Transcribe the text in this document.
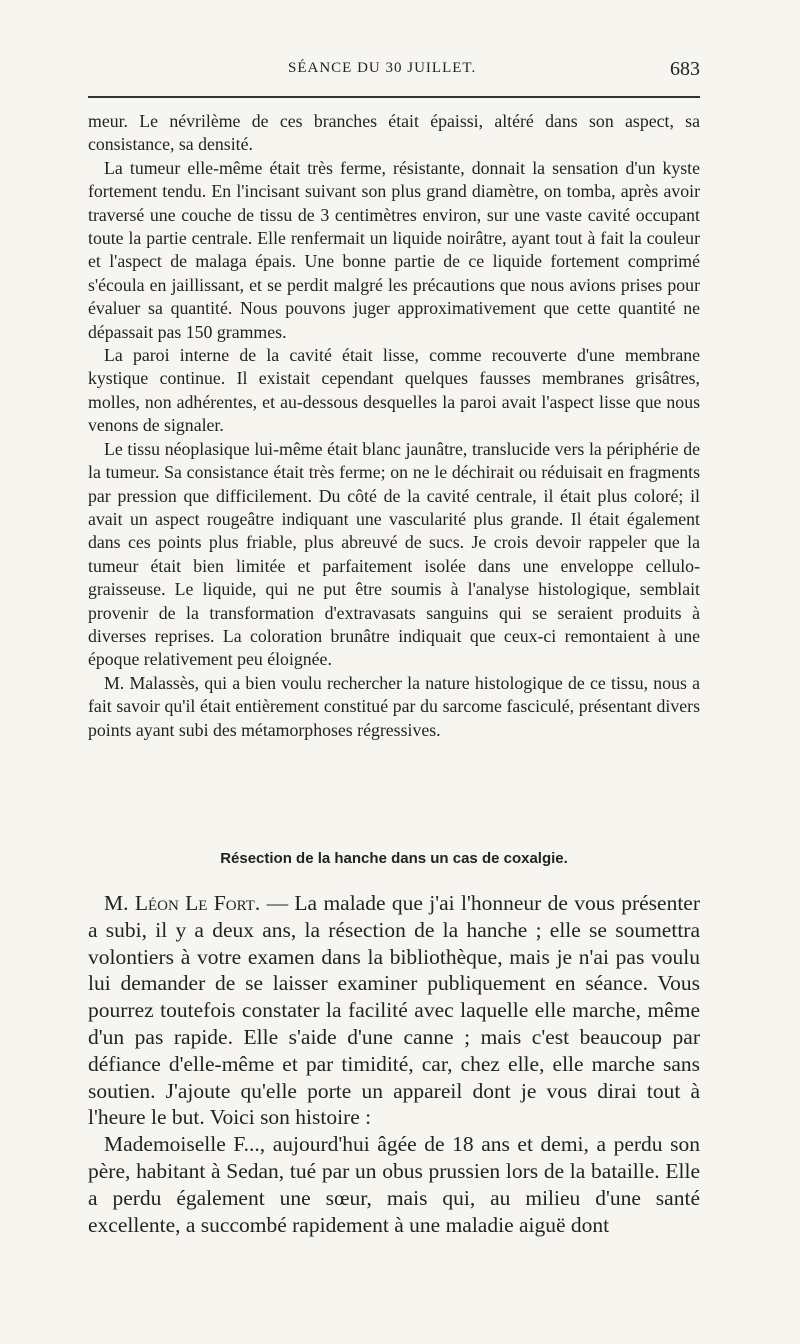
SÉANCE DU 30 JUILLET.	683

meur. Le névrilème de ces branches était épaissi, altéré dans son aspect, sa consistance, sa densité.

La tumeur elle-même était très ferme, résistante, donnait la sensation d'un kyste fortement tendu. En l'incisant suivant son plus grand diamètre, on tomba, après avoir traversé une couche de tissu de 3 centimètres environ, sur une vaste cavité occupant toute la partie centrale. Elle renfermait un liquide noirâtre, ayant tout à fait la couleur et l'aspect de malaga épais. Une bonne partie de ce liquide fortement comprimé s'écoula en jaillissant, et se perdit malgré les précautions que nous avions prises pour évaluer sa quantité. Nous pouvons juger approximativement que cette quantité ne dépassait pas 150 grammes.

La paroi interne de la cavité était lisse, comme recouverte d'une membrane kystique continue. Il existait cependant quelques fausses membranes grisâtres, molles, non adhérentes, et au-dessous desquelles la paroi avait l'aspect lisse que nous venons de signaler.

Le tissu néoplasique lui-même était blanc jaunâtre, translucide vers la périphérie de la tumeur. Sa consistance était très ferme; on ne le déchirait ou réduisait en fragments par pression que difficilement. Du côté de la cavité centrale, il était plus coloré; il avait un aspect rougeâtre indiquant une vascularité plus grande. Il était également dans ces points plus friable, plus abreuvé de sucs. Je crois devoir rappeler que la tumeur était bien limitée et parfaitement isolée dans une enveloppe cellulo-graisseuse. Le liquide, qui ne put être soumis à l'analyse histologique, semblait provenir de la transformation d'extravasats sanguins qui se seraient produits à diverses reprises. La coloration brunâtre indiquait que ceux-ci remontaient à une époque relativement peu éloignée.

M. Malassès, qui a bien voulu rechercher la nature histologique de ce tissu, nous a fait savoir qu'il était entièrement constitué par du sarcome fasciculé, présentant divers points ayant subi des métamorphoses régressives.

Résection de la hanche dans un cas de coxalgie.

M. Léon Le Fort. — La malade que j'ai l'honneur de vous présenter a subi, il y a deux ans, la résection de la hanche ; elle se soumettra volontiers à votre examen dans la bibliothèque, mais je n'ai pas voulu lui demander de se laisser examiner publiquement en séance. Vous pourrez toutefois constater la facilité avec laquelle elle marche, même d'un pas rapide. Elle s'aide d'une canne ; mais c'est beaucoup par défiance d'elle-même et par timidité, car, chez elle, elle marche sans soutien. J'ajoute qu'elle porte un appareil dont je vous dirai tout à l'heure le but. Voici son histoire :

Mademoiselle F..., aujourd'hui âgée de 18 ans et demi, a perdu son père, habitant à Sedan, tué par un obus prussien lors de la bataille. Elle a perdu également une sœur, mais qui, au milieu d'une santé excellente, a succombé rapidement à une maladie aiguë dont
